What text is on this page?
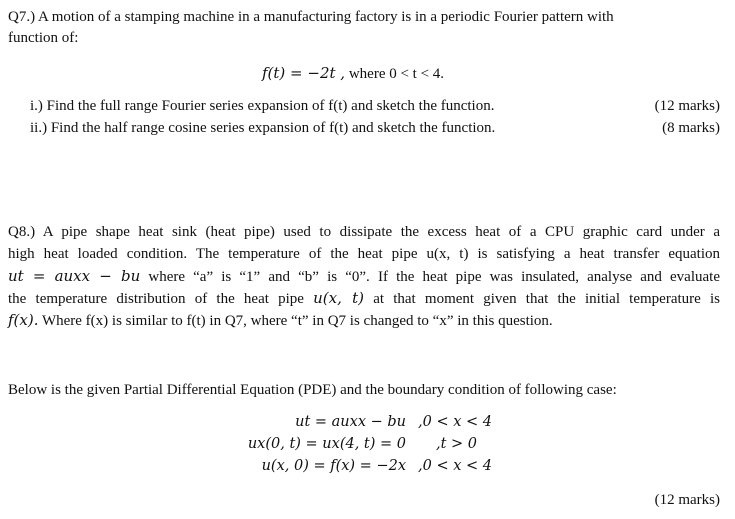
Q7.) A motion of a stamping machine in a manufacturing factory is in a periodic Fourier pattern with
function of:
f(t) = −2t , where 0 < t < 4.
i.) Find the full range Fourier series expansion of f(t) and sketch the function.	(12 marks)
ii.) Find the half range cosine series expansion of f(t) and sketch the function.	(8 marks)
Q8.) A pipe shape heat sink (heat pipe) used to dissipate the excess heat of a CPU graphic card under a
high heat loaded condition. The temperature of the heat pipe u(x, t) is satisfying a heat transfer equation
ut = auxx − bu where “a” is “1” and “b” is “0”. If the heat pipe was insulated, analyse and evaluate
the temperature distribution of the heat pipe u(x, t) at that moment given that the initial temperature is
f(x). Where f(x) is similar to f(t) in Q7, where “t” in Q7 is changed to “x” in this question.
Below is the given Partial Differential Equation (PDE) and the boundary condition of following case:
ut = auxx − bu ,0 < x < 4
ux(0, t) = ux(4, t) = 0 ,t > 0
u(x, 0) = f(x) = −2x ,0 < x < 4
(12 marks)
